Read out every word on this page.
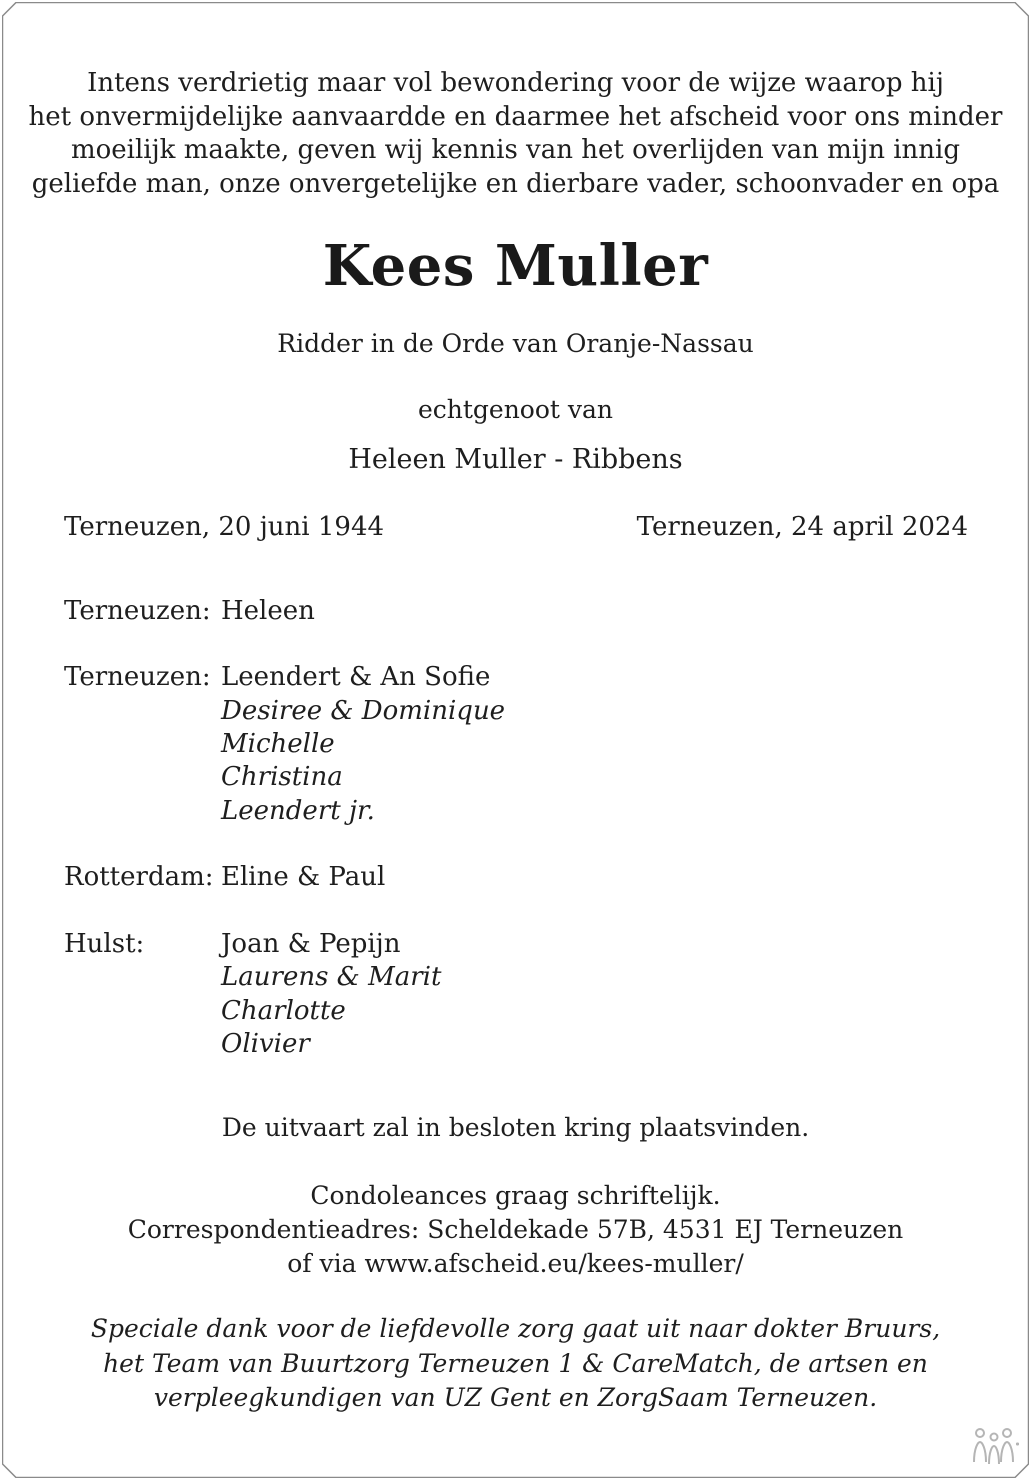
Intens verdrietig maar vol bewondering voor de wijze waarop hij
het onvermijdelijke aanvaardde en daarmee het afscheid voor ons minder
moeilijk maakte, geven wij kennis van het overlijden van mijn innig
geliefde man, onze onvergetelijke en dierbare vader, schoonvader en opa
Kees Muller
Ridder in de Orde van Oranje-Nassau
echtgenoot van
Heleen Muller - Ribbens
Terneuzen, 20 juni 1944	Terneuzen, 24 april 2024
Terneuzen: Heleen
Terneuzen: Leendert & An Sofie
Desiree & Dominique
Michelle
Christina
Leendert jr.
Rotterdam: Eline & Paul
Hulst:	Joan & Pepijn
Laurens & Marit
Charlotte
Olivier
De uitvaart zal in besloten kring plaatsvinden.
Condoleances graag schriftelijk.
Correspondentieadres: Scheldekade 57B, 4531 EJ Terneuzen
of via www.afscheid.eu/kees-muller/
Speciale dank voor de liefdevolle zorg gaat uit naar dokter Bruurs,
het Team van Buurtzorg Terneuzen 1 & CareMatch, de artsen en
verpleegkundigen van UZ Gent en ZorgSaam Terneuzen.
